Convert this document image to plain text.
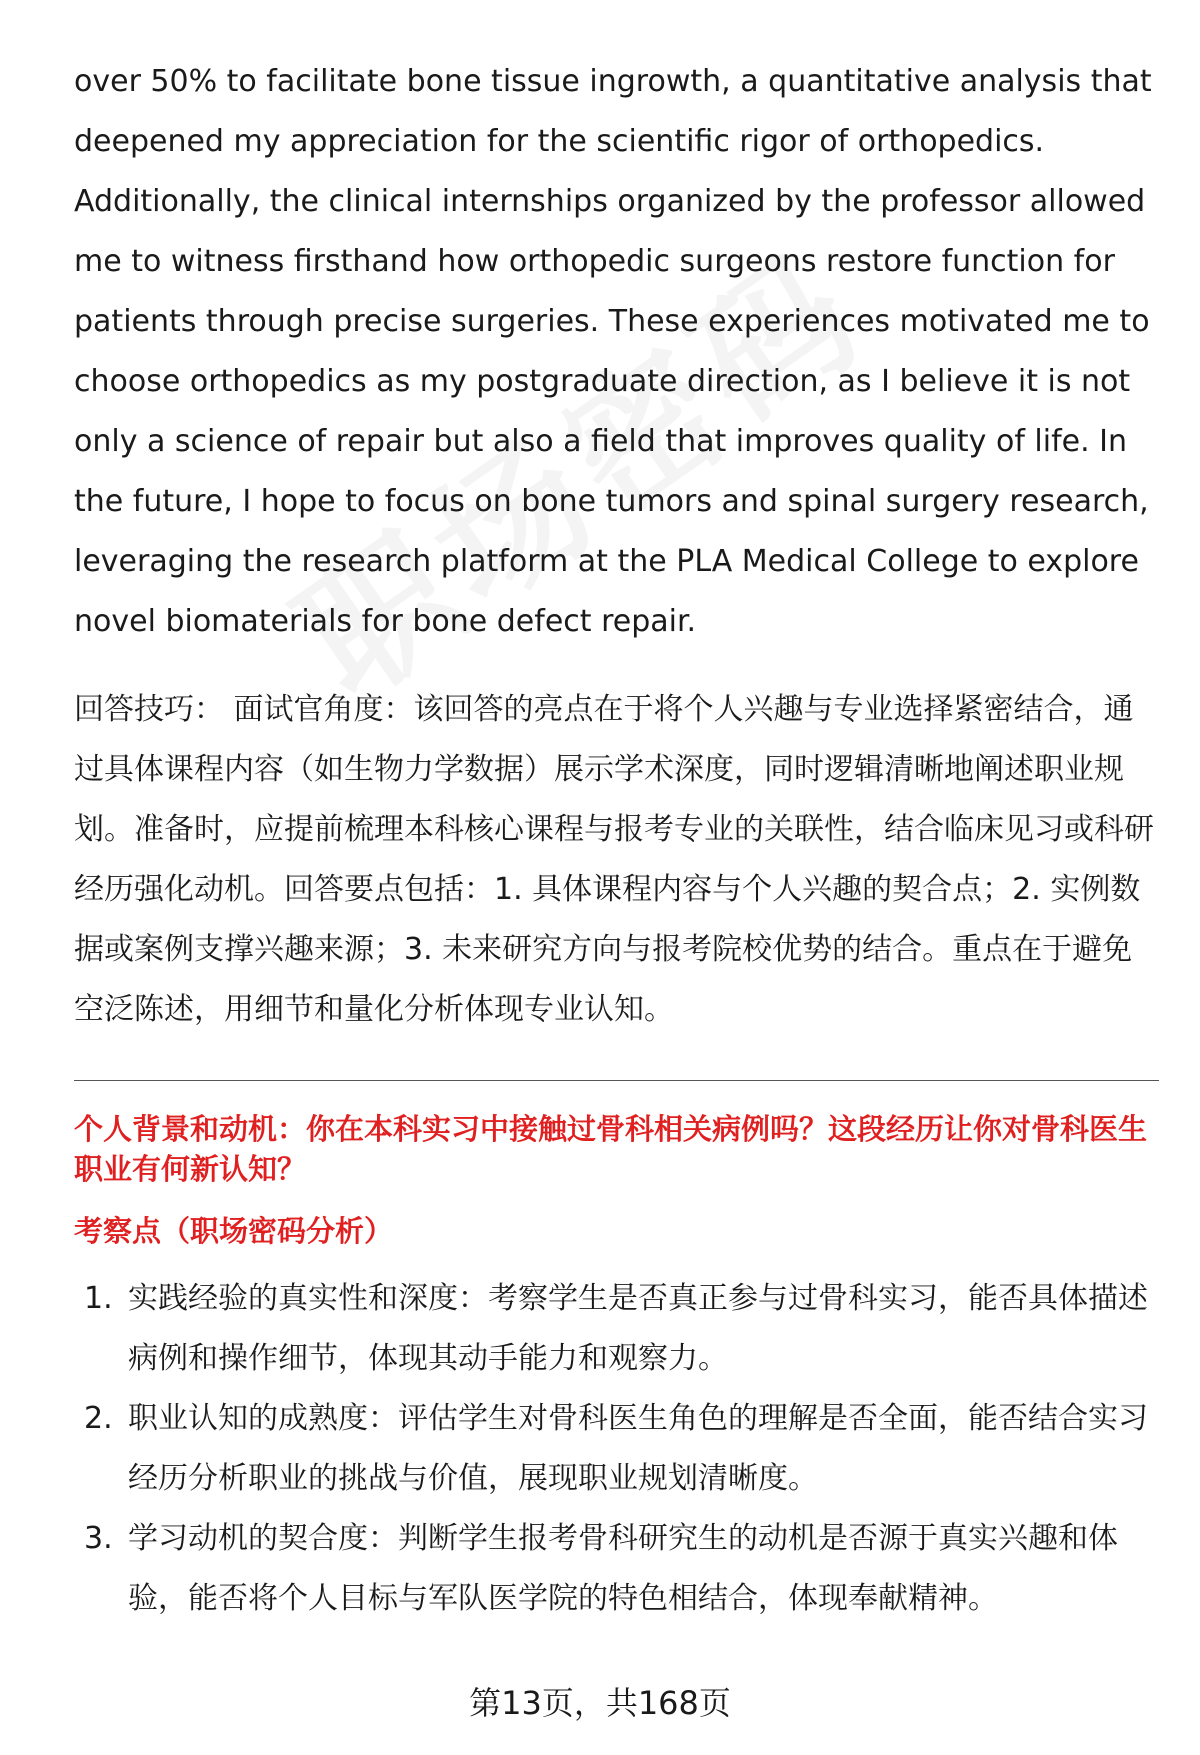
over 50% to facilitate bone tissue ingrowth, a quantitative analysis that deepened my appreciation for the scientific rigor of orthopedics. Additionally, the clinical internships organized by the professor allowed me to witness firsthand how orthopedic surgeons restore function for patients through precise surgeries. These experiences motivated me to choose orthopedics as my postgraduate direction, as I believe it is not only a science of repair but also a field that improves quality of life. In the future, I hope to focus on bone tumors and spinal surgery research, leveraging the research platform at the PLA Medical College to explore novel biomaterials for bone defect repair.

回答技巧： 面试官角度：该回答的亮点在于将个人兴趣与专业选择紧密结合，通过具体课程内容（如生物力学数据）展示学术深度，同时逻辑清晰地阐述职业规划。准备时，应提前梳理本科核心课程与报考专业的关联性，结合临床见习或科研经历强化动机。回答要点包括：1. 具体课程内容与个人兴趣的契合点；2. 实例数据或案例支撑兴趣来源；3. 未来研究方向与报考院校优势的结合。重点在于避免空泛陈述，用细节和量化分析体现专业认知。

个人背景和动机：你在本科实习中接触过骨科相关病例吗？这段经历让你对骨科医生职业有何新认知？

考察点（职场密码分析）

1. 实践经验的真实性和深度：考察学生是否真正参与过骨科实习，能否具体描述病例和操作细节，体现其动手能力和观察力。
2. 职业认知的成熟度：评估学生对骨科医生角色的理解是否全面，能否结合实习经历分析职业的挑战与价值，展现职业规划清晰度。
3. 学习动机的契合度：判断学生报考骨科研究生的动机是否源于真实兴趣和体验，能否将个人目标与军队医学院的特色相结合，体现奉献精神。
第13页，共168页
